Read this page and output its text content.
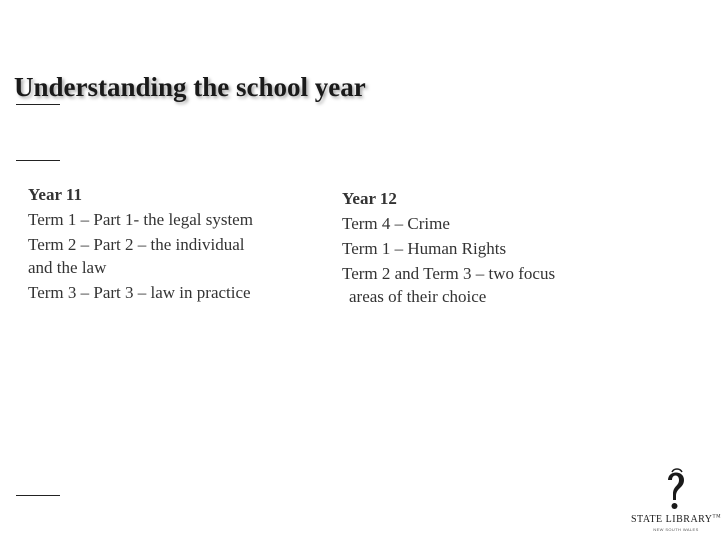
Understanding the school year
Year 11
Term 1 – Part 1- the legal system
Term 2 – Part 2 – the individual
and the law
Term 3 – Part 3 – law in practice
Year 12
Term 4 – Crime
Term 1 – Human Rights
Term 2 and Term 3 – two focus
areas of their choice
STATE LIBRARY™
NEW SOUTH WALES
